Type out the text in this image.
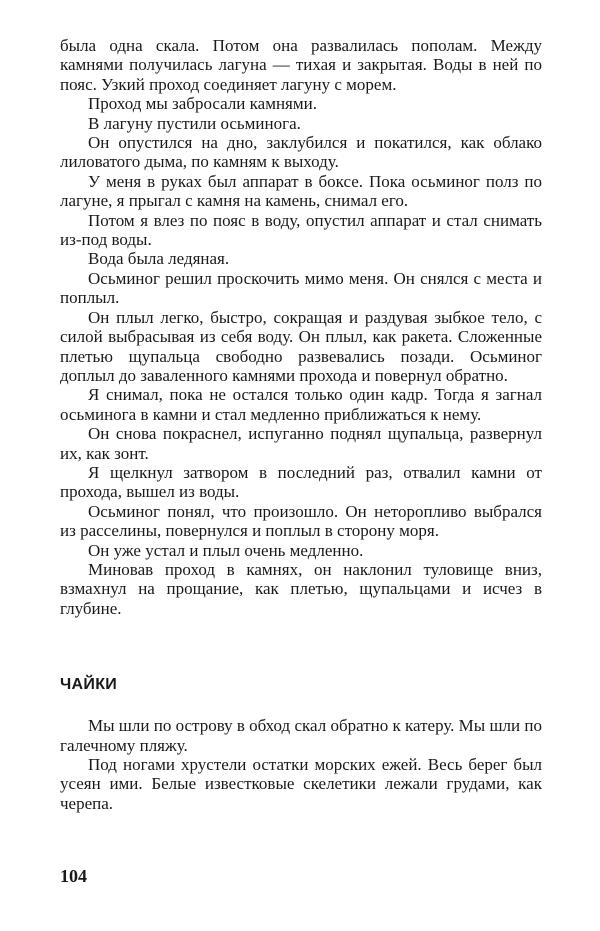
была одна скала. Потом она развалилась пополам. Между камнями получилась лагуна — тихая и закрытая. Воды в ней по пояс. Узкий проход соединяет лагуну с морем.

Проход мы забросали камнями.

В лагуну пустили осьминога.

Он опустился на дно, заклубился и покатился, как облако лиловатого дыма, по камням к выходу.

У меня в руках был аппарат в боксе. Пока осьминог полз по лагуне, я прыгал с камня на камень, снимал его.

Потом я влез по пояс в воду, опустил аппарат и стал снимать из-под воды.

Вода была ледяная.

Осьминог решил проскочить мимо меня. Он снялся с места и поплыл.

Он плыл легко, быстро, сокращая и раздувая зыбкое тело, с силой выбрасывая из себя воду. Он плыл, как ракета. Сложенные плетью щупальца свободно развевались позади. Осьминог доплыл до заваленного камнями прохода и повернул обратно.

Я снимал, пока не остался только один кадр. Тогда я загнал осьминога в камни и стал медленно приближаться к нему.

Он снова покраснел, испуганно поднял щупальца, развернул их, как зонт.

Я щелкнул затвором в последний раз, отвалил камни от прохода, вышел из воды.

Осьминог понял, что произошло. Он неторопливо выбрался из расселины, повернулся и поплыл в сторону моря.

Он уже устал и плыл очень медленно.

Миновав проход в камнях, он наклонил туловище вниз, взмахнул на прощание, как плетью, щупальцами и исчез в глубине.

ЧАЙКИ

Мы шли по острову в обход скал обратно к катеру. Мы шли по галечному пляжу.

Под ногами хрустели остатки морских ежей. Весь берег был усеян ими. Белые известковые скелетики лежали грудами, как черепа.

104
